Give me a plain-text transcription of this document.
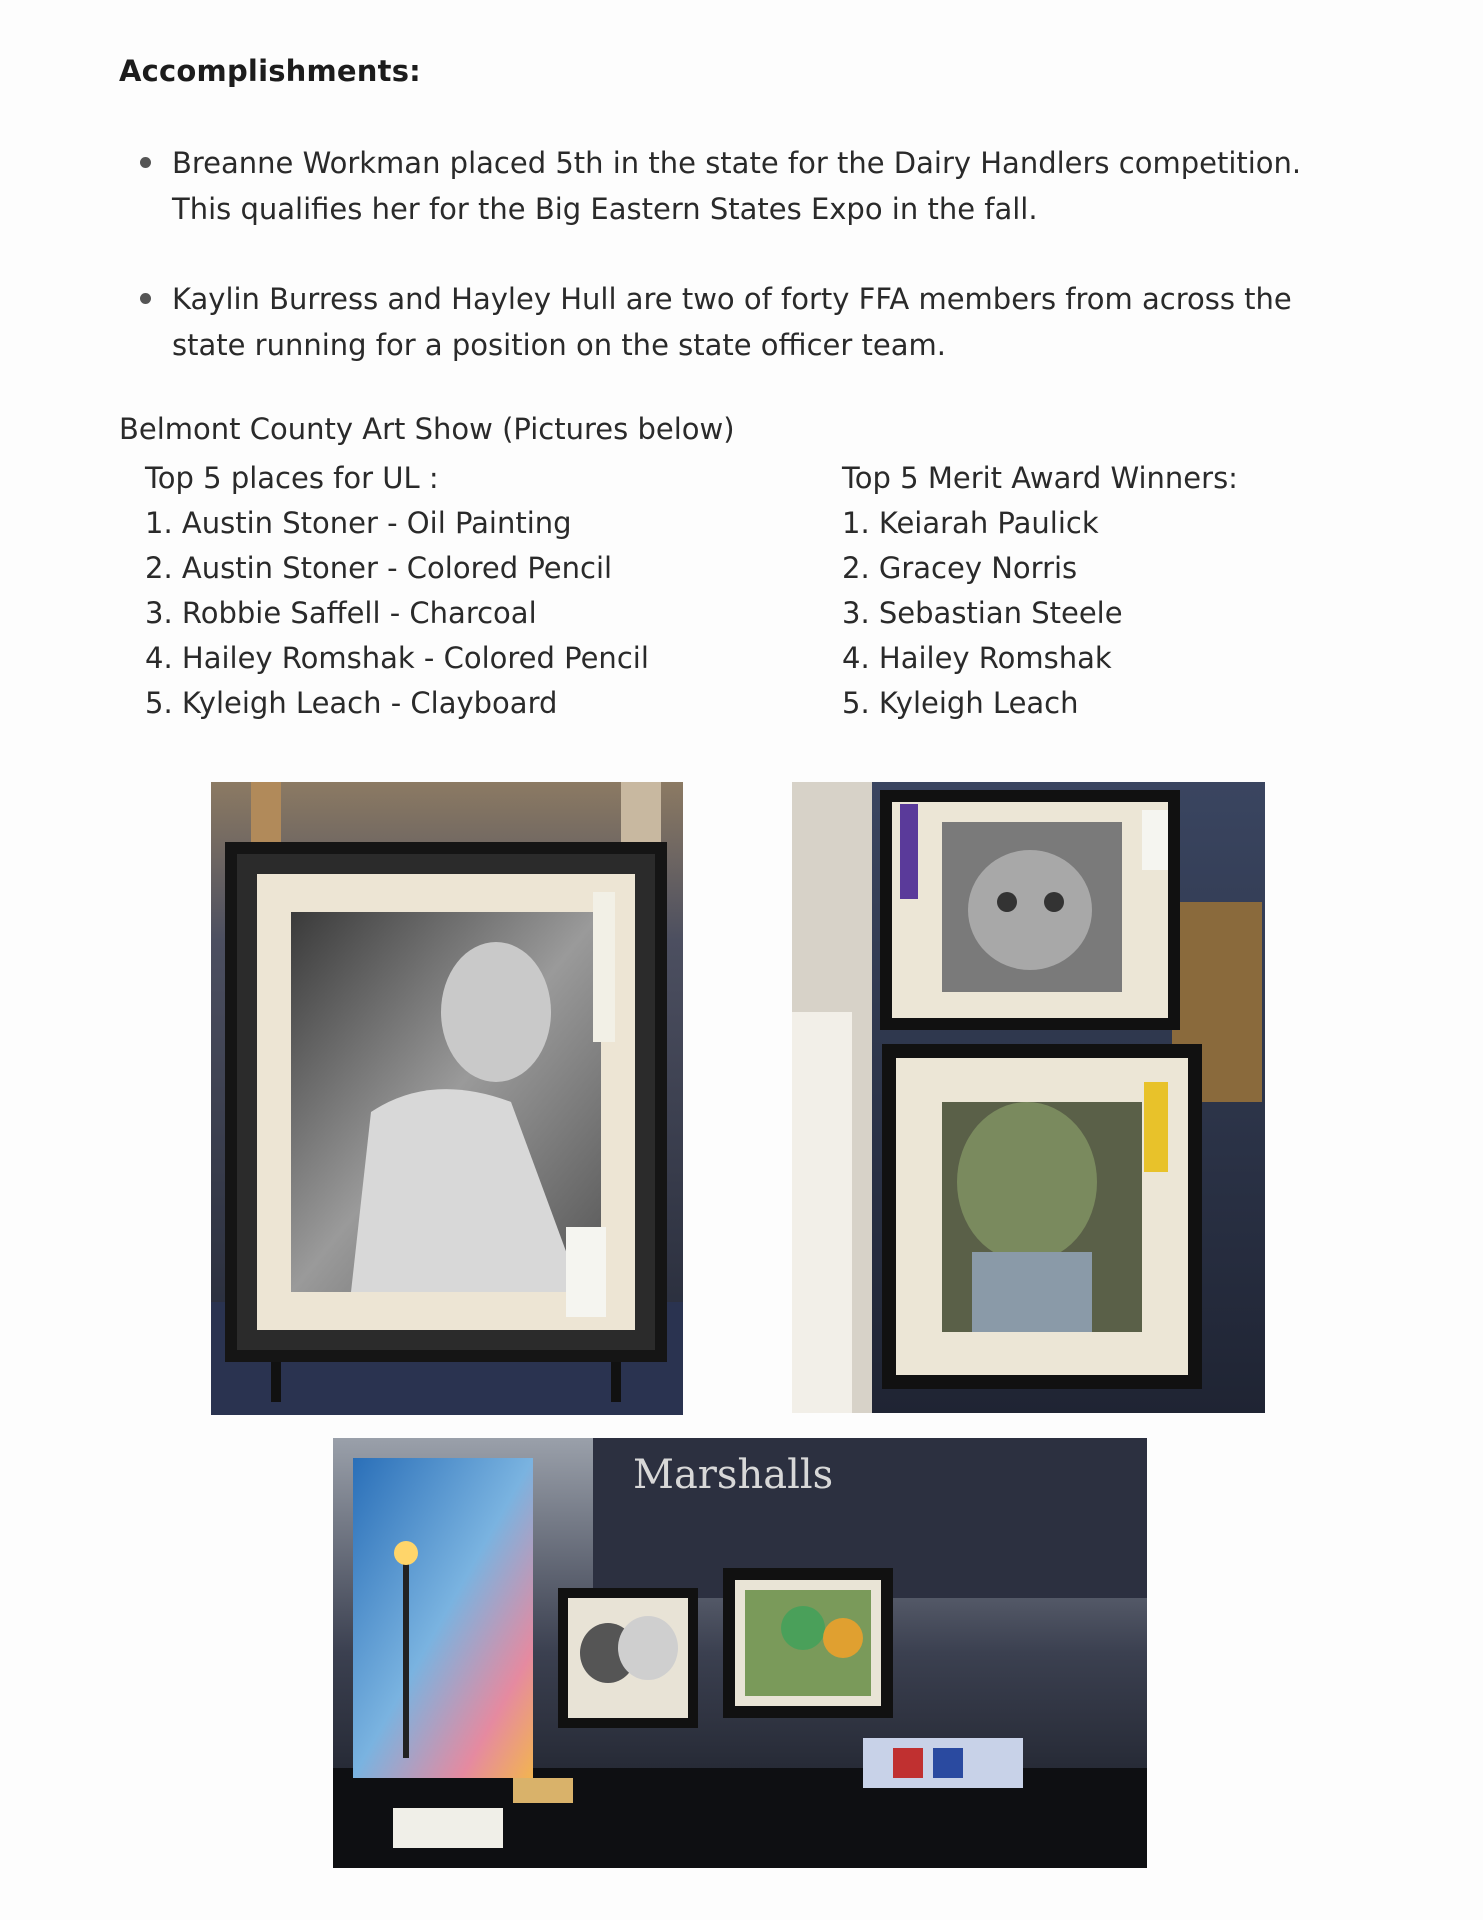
Accomplishments:
Breanne Workman placed 5th in the state for the Dairy Handlers competition. This qualifies her for the Big Eastern States Expo in the fall.
Kaylin Burress and Hayley Hull are two of forty FFA members from across the state running for a position on the state officer team.
Belmont County Art Show (Pictures below)
Top 5 places for UL :
1. Austin Stoner - Oil Painting
2. Austin Stoner - Colored Pencil
3. Robbie Saffell - Charcoal
4. Hailey Romshak - Colored Pencil
5. Kyleigh Leach - Clayboard
Top 5 Merit Award Winners:
1. Keiarah Paulick
2. Gracey Norris
3. Sebastian Steele
4. Hailey Romshak
5. Kyleigh Leach
Marshalls
